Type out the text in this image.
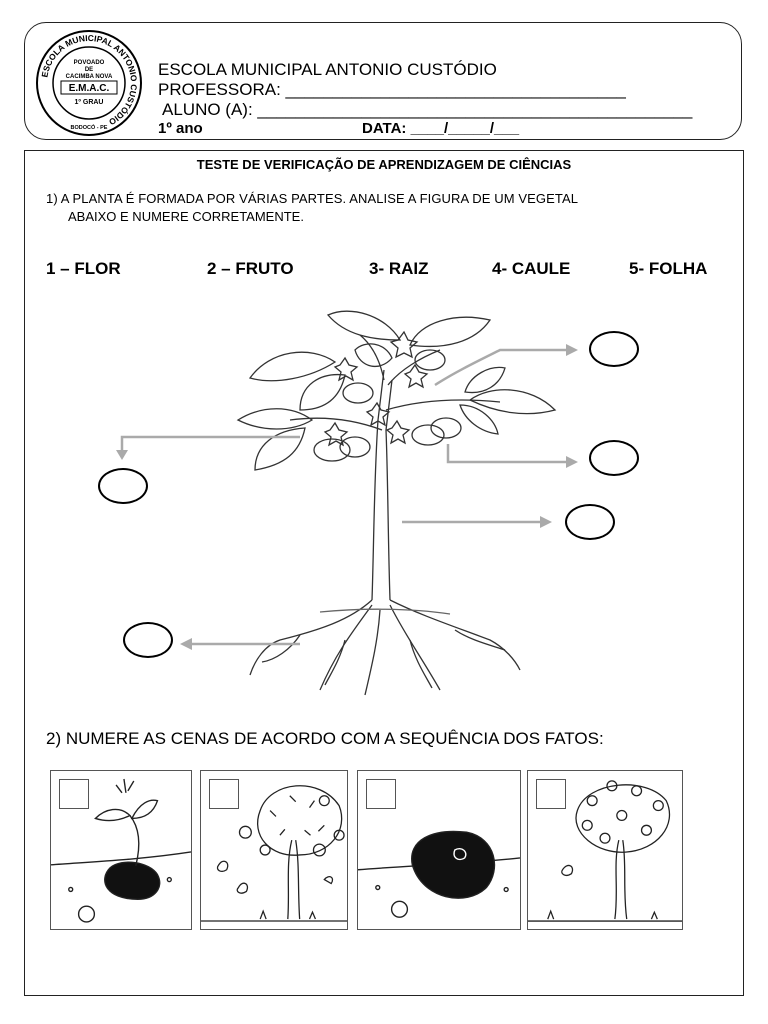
ESCOLA MUNICIPAL ANTONIO CUSTÓDIO
POVOADO
DE
CACIMBA NOVA
E.M.A.C.
1º GRAU
BODOCÓ - PE
ESCOLA MUNICIPAL ANTONIO CUSTÓDIO
PROFESSORA: ____________________________________
ALUNO (A): ______________________________________________
1º ano	DATA: ____/_____/___
TESTE DE VERIFICAÇÃO DE APRENDIZAGEM DE CIÊNCIAS
1) A PLANTA É FORMADA POR VÁRIAS PARTES. ANALISE A FIGURA DE UM VEGETAL
ABAIXO E NUMERE CORRETAMENTE.
1 – FLOR	2 – FRUTO	3- RAIZ	4- CAULE	5- FOLHA
2) NUMERE AS CENAS DE ACORDO COM A SEQUÊNCIA DOS FATOS:
